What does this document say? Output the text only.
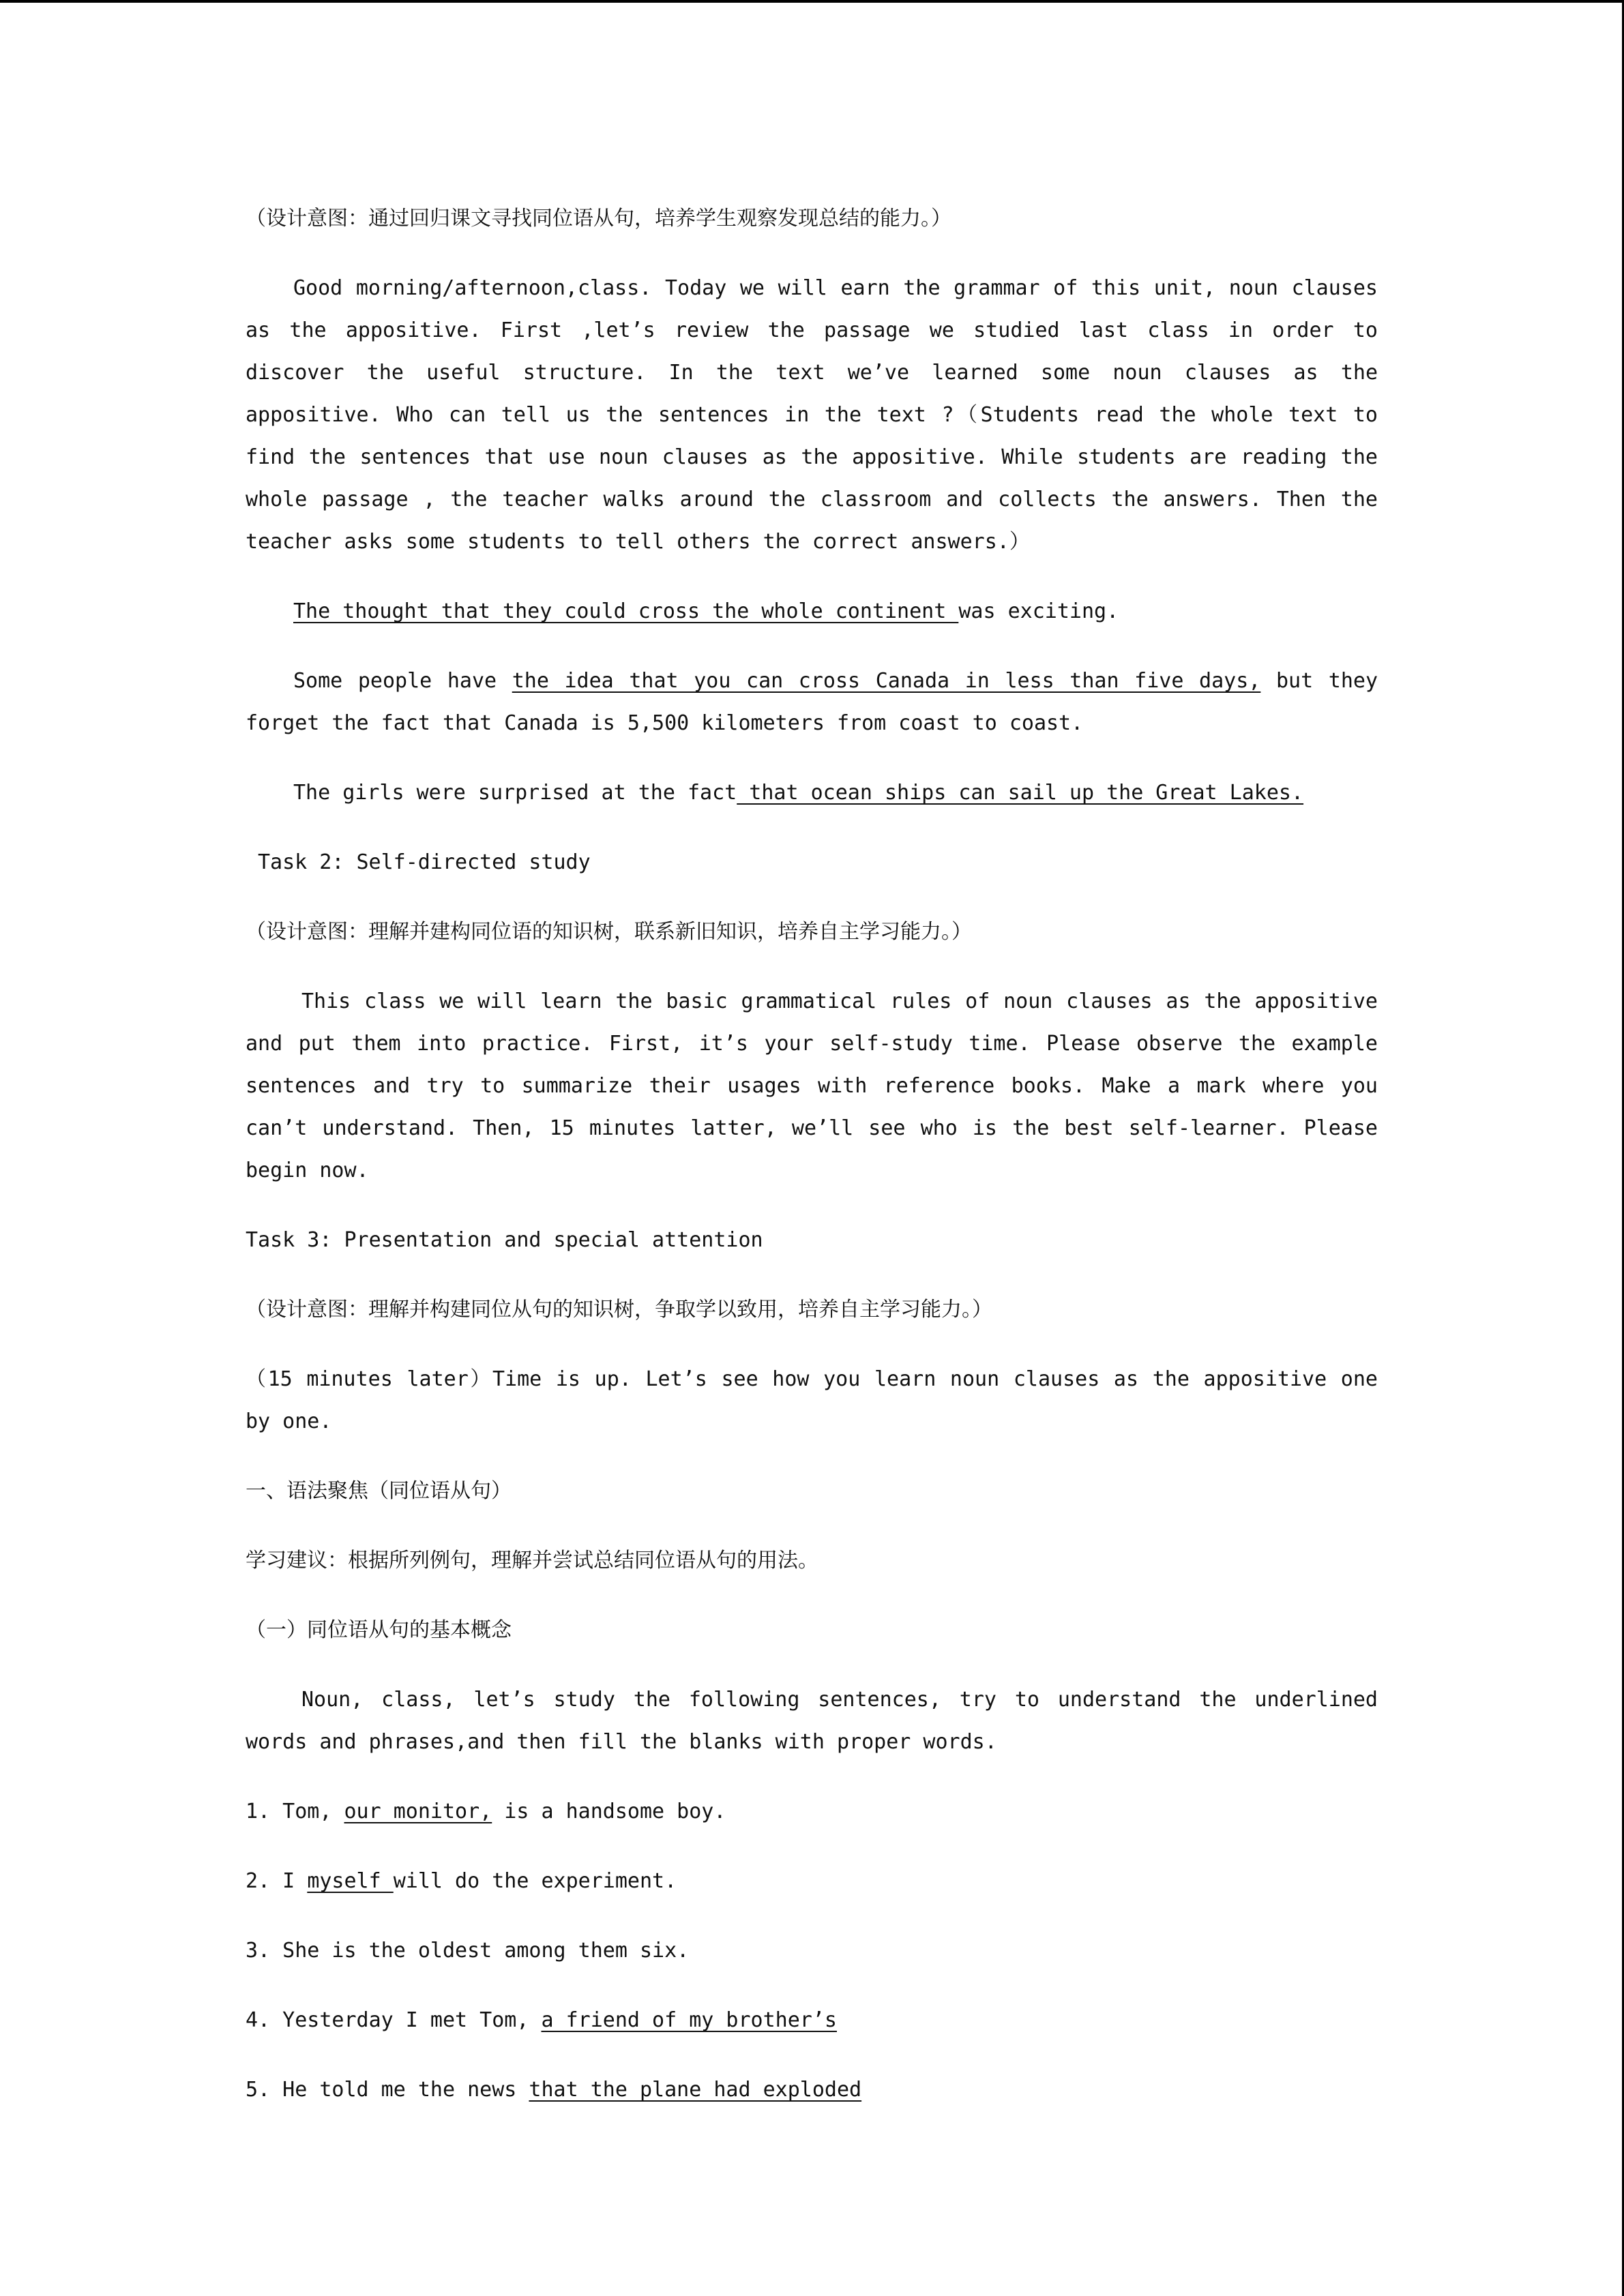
（设计意图：通过回归课文寻找同位语从句，培养学生观察发现总结的能力。）

Good morning/afternoon,class. Today we will earn the grammar of this unit, noun clauses as the appositive. First ,let’s review the passage we studied last class in order to discover the useful structure. In the text we’ve learned some noun clauses as the appositive. Who can tell us the sentences in the text ?（Students read the whole text to find the sentences that use noun clauses as the appositive. While students are reading the whole passage , the teacher walks around the classroom and collects the answers. Then the teacher asks some students to tell others the correct answers.）

The thought that they could cross the whole continent was exciting.

Some people have the idea that you can cross Canada in less than five days, but they forget the fact that Canada is 5,500 kilometers from coast to coast.

The girls were surprised at the fact that ocean ships can sail up the Great Lakes.

Task 2: Self-directed study

（设计意图：理解并建构同位语的知识树，联系新旧知识，培养自主学习能力。）

This class we will learn the basic grammatical rules of noun clauses as the appositive and put them into practice. First, it’s your self-study time. Please observe the example sentences and try to summarize their usages with reference books. Make a mark where you can’t understand. Then, 15 minutes latter, we’ll see who is the best self-learner. Please begin now.

Task 3: Presentation and special attention

（设计意图：理解并构建同位从句的知识树，争取学以致用，培养自主学习能力。）

（15 minutes later）Time is up. Let’s see how you learn noun clauses as the appositive one by one.

一、语法聚焦（同位语从句）

学习建议：根据所列例句，理解并尝试总结同位语从句的用法。

（一）同位语从句的基本概念

Noun, class, let’s study the following sentences, try to understand the underlined words and phrases,and then fill the blanks with proper words.

1. Tom, our monitor, is a handsome boy.

2. I myself will do the experiment.

3. She is the oldest among them six.

4. Yesterday I met Tom, a friend of my brother’s

5. He told me the news that the plane had exploded
